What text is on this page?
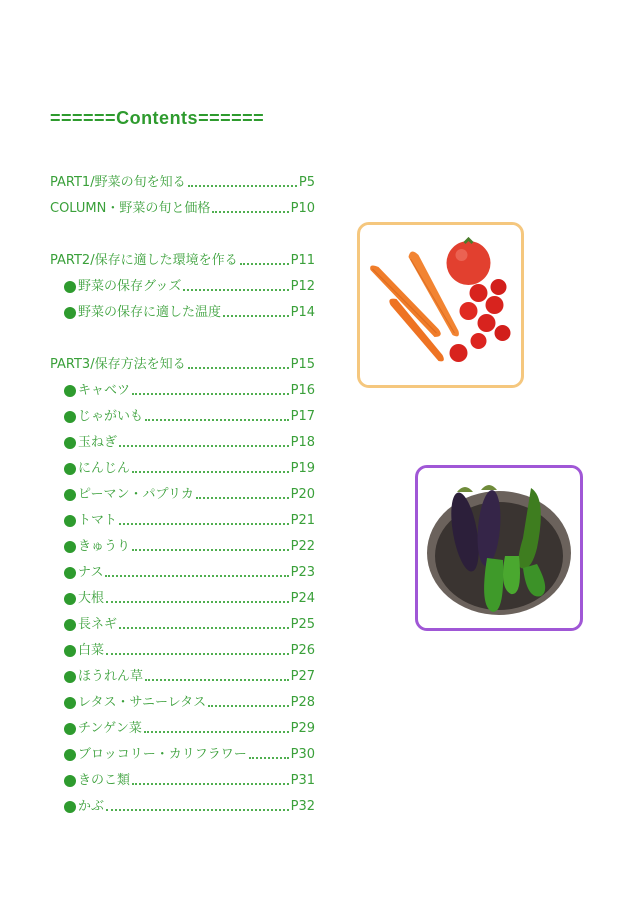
======Contents======
PART1/野菜の旬を知る	P5
COLUMN・野菜の旬と価格	P10
PART2/保存に適した環境を作る	P11
野菜の保存グッズ	P12
野菜の保存に適した温度	P14
PART3/保存方法を知る	P15
キャベツ	P16
じゃがいも	P17
玉ねぎ	P18
にんじん	P19
ピーマン・パプリカ	P20
トマト	P21
きゅうり	P22
ナス	P23
大根	P24
長ネギ	P25
白菜	P26
ほうれん草	P27
レタス・サニーレタス	P28
チンゲン菜	P29
ブロッコリー・カリフラワー	P30
きのこ類	P31
かぶ	P32
